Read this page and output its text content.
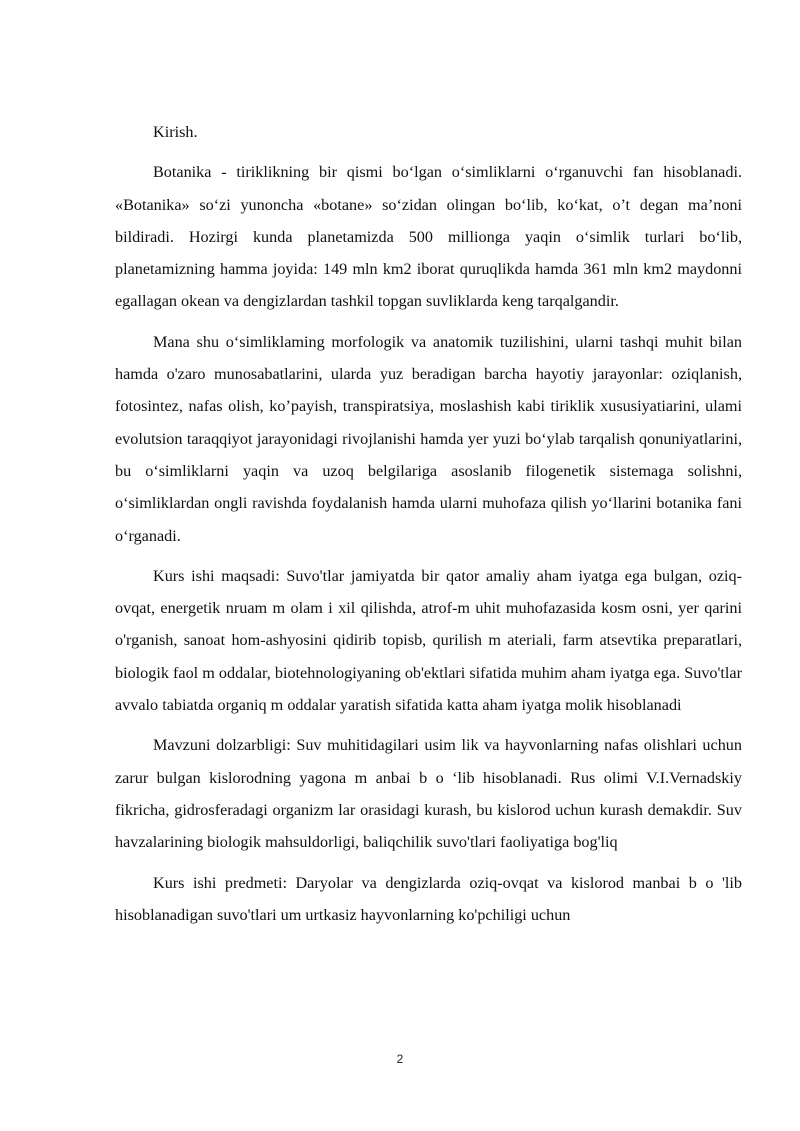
Kirish.

Botanika - tiriklikning bir qismi bo‘lgan o‘simliklarni o‘rganuvchi fan hisoblanadi. «Botanika» so‘zi yunoncha «botane» so‘zidan olingan bo‘lib, ko‘kat, o’t degan ma’noni bildiradi. Hozirgi kunda planetamizda 500 millionga yaqin o‘simlik turlari bo‘lib, planetamizning hamma joyida: 149 mln km2 iborat quruqlikda hamda 361 mln km2 maydonni egallagan okean va dengizlardan tashkil topgan suvliklarda keng tarqalgandir.

Mana shu o‘simliklaming morfologik va anatomik tuzilishini, ularni tashqi muhit bilan hamda o'zaro munosabatlarini, ularda yuz beradigan barcha hayotiy jarayonlar: oziqlanish, fotosintez, nafas olish, ko’payish, transpiratsiya, moslashish kabi tiriklik xususiyatiarini, ulami evolutsion taraqqiyot jarayonidagi rivojlanishi hamda yer yuzi bo‘ylab tarqalish qonuniyatlarini, bu o‘simliklarni yaqin va uzoq belgilariga asoslanib filogenetik sistemaga solishni, o‘simliklardan ongli ravishda foydalanish hamda ularni muhofaza qilish yo‘llarini botanika fani o‘rganadi.

Kurs ishi maqsadi: Suvo'tlar jamiyatda bir qator amaliy aham iyatga ega bulgan, oziq-ovqat, energetik nruam m olam i xil qilishda, atrof-m uhit muhofazasida kosm osni, yer qarini o'rganish, sanoat hom-ashyosini qidirib topisb, qurilish m ateriali, farm atsevtika preparatlari, biologik faol m oddalar, biotehnologiyaning ob'ektlari sifatida muhim aham iyatga ega. Suvo'tlar avvalo tabiatda organiq m oddalar yaratish sifatida katta aham iyatga molik hisoblanadi

Mavzuni dolzarbligi: Suv muhitidagilari usim lik va hayvonlarning nafas olishlari uchun zarur bulgan kislorodning yagona m anbai b o ‘lib hisoblanadi. Rus olimi V.I.Vernadskiy fikricha, gidrosferadagi organizm lar orasidagi kurash, bu kislorod uchun kurash demakdir. Suv havzalarining biologik mahsuldorligi, baliqchilik suvo'tlari faoliyatiga bog'liq

Kurs ishi predmeti: Daryolar va dengizlarda oziq-ovqat va kislorod manbai b o 'lib hisoblanadigan suvo'tlari um urtkasiz hayvonlarning ko'pchiligi uchun

2
